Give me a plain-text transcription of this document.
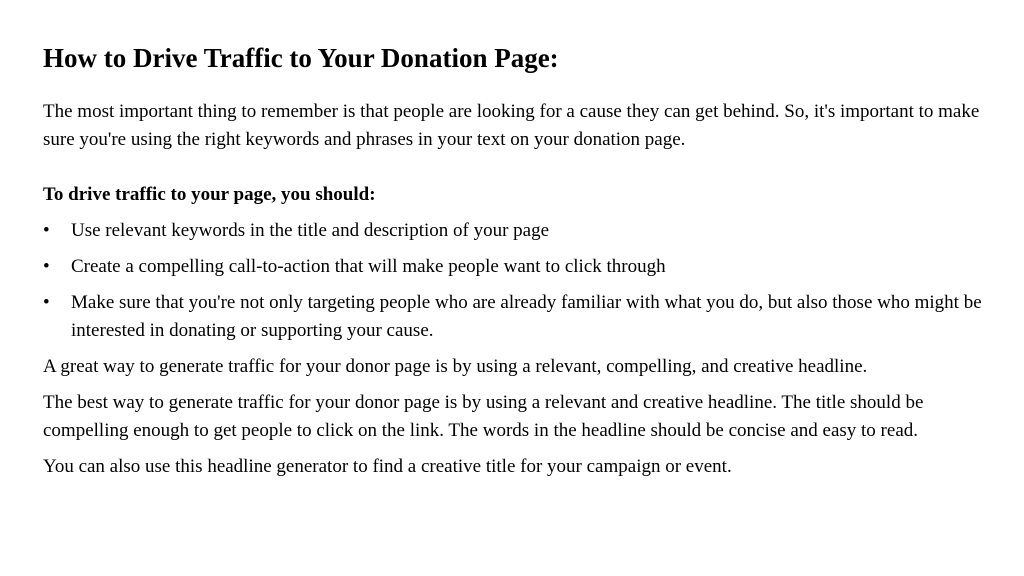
How to Drive Traffic to Your Donation Page:

The most important thing to remember is that people are looking for a cause they can get behind. So, it's important to make sure you're using the right keywords and phrases in your text on your donation page.

To drive traffic to your page, you should:

• Use relevant keywords in the title and description of your page
• Create a compelling call-to-action that will make people want to click through
• Make sure that you're not only targeting people who are already familiar with what you do, but also those who might be interested in donating or supporting your cause.

A great way to generate traffic for your donor page is by using a relevant, compelling, and creative headline.

The best way to generate traffic for your donor page is by using a relevant and creative headline. The title should be compelling enough to get people to click on the link. The words in the headline should be concise and easy to read.

You can also use this headline generator to find a creative title for your campaign or event.
